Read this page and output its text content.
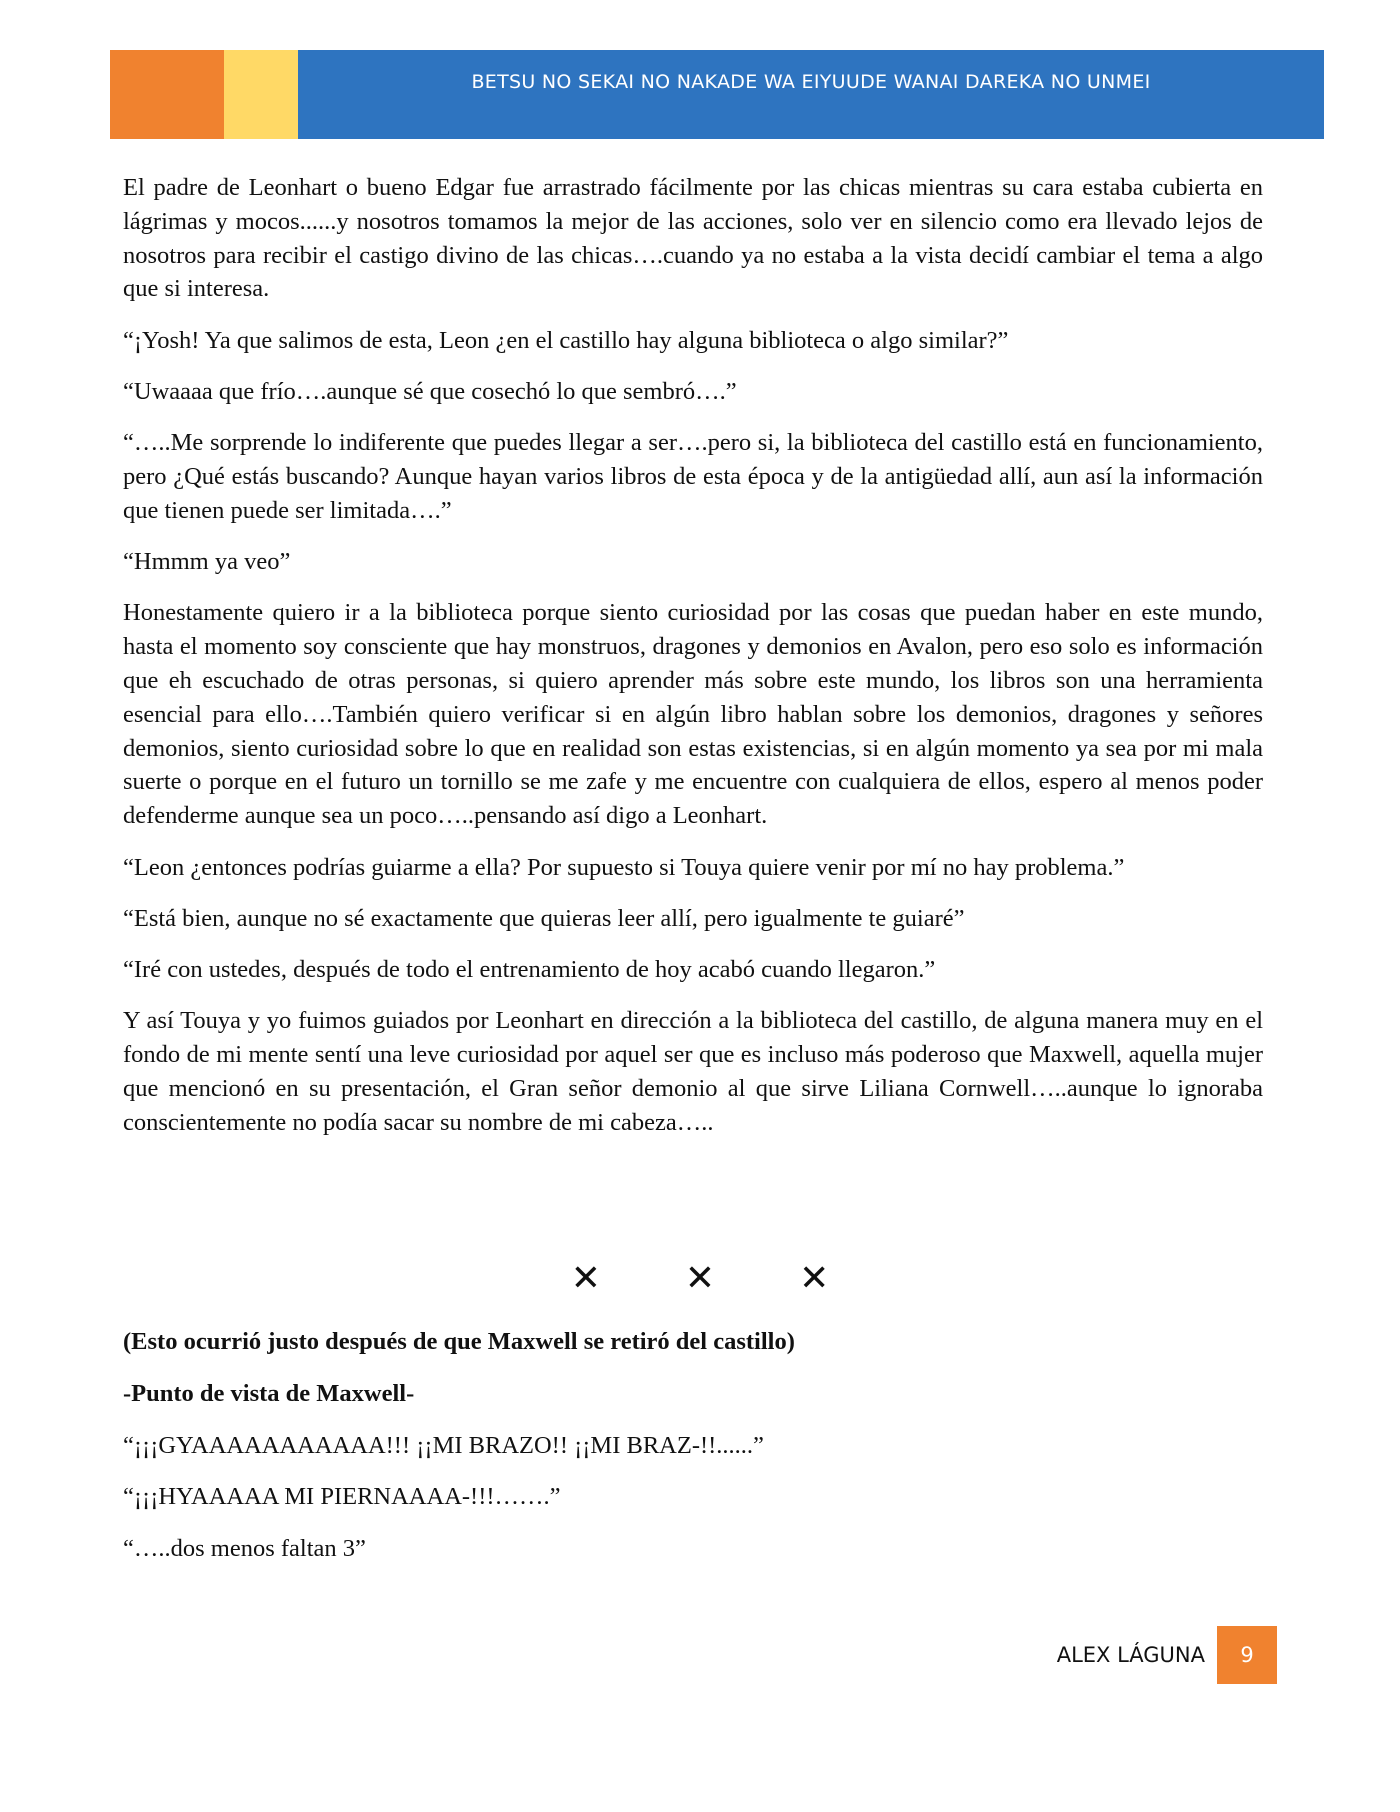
BETSU NO SEKAI NO NAKADE WA EIYUUDE WANAI DAREKA NO UNMEI

El padre de Leonhart o bueno Edgar fue arrastrado fácilmente por las chicas mientras su cara estaba cubierta en lágrimas y mocos......y nosotros tomamos la mejor de las acciones, solo ver en silencio como era llevado lejos de nosotros para recibir el castigo divino de las chicas….cuando ya no estaba a la vista decidí cambiar el tema a algo que si interesa.

“¡Yosh! Ya que salimos de esta, Leon ¿en el castillo hay alguna biblioteca o algo similar?”

“Uwaaaa que frío….aunque sé que cosechó lo que sembró….”

“…..Me sorprende lo indiferente que puedes llegar a ser….pero si, la biblioteca del castillo está en funcionamiento, pero ¿Qué estás buscando? Aunque hayan varios libros de esta época y de la antigüedad allí, aun así la información que tienen puede ser limitada….”

“Hmmm ya veo”

Honestamente quiero ir a la biblioteca porque siento curiosidad por las cosas que puedan haber en este mundo, hasta el momento soy consciente que hay monstruos, dragones y demonios en Avalon, pero eso solo es información que eh escuchado de otras personas, si quiero aprender más sobre este mundo, los libros son una herramienta esencial para ello….También quiero verificar si en algún libro hablan sobre los demonios, dragones y señores demonios, siento curiosidad sobre lo que en realidad son estas existencias, si en algún momento ya sea por mi mala suerte o porque en el futuro un tornillo se me zafe y me encuentre con cualquiera de ellos, espero al menos poder defenderme aunque sea un poco…..pensando así digo a Leonhart.

“Leon ¿entonces podrías guiarme a ella? Por supuesto si Touya quiere venir por mí no hay problema.”

“Está bien, aunque no sé exactamente que quieras leer allí, pero igualmente te guiaré”

“Iré con ustedes, después de todo el entrenamiento de hoy acabó cuando llegaron.”

Y así Touya y yo fuimos guiados por Leonhart en dirección a la biblioteca del castillo, de alguna manera muy en el fondo de mi mente sentí una leve curiosidad por aquel ser que es incluso más poderoso que Maxwell, aquella mujer que mencionó en su presentación, el Gran señor demonio al que sirve Liliana Cornwell…..aunque lo ignoraba conscientemente no podía sacar su nombre de mi cabeza…..

✕ ✕ ✕

(Esto ocurrió justo después de que Maxwell se retiró del castillo)

-Punto de vista de Maxwell-

“¡¡¡GYAAAAAAAAAAA!!! ¡¡MI BRAZO!! ¡¡MI BRAZ-!!......”

“¡¡¡HYAAAAA MI PIERNAAAA-!!!…….”

“…..dos menos faltan 3”

ALEX LÁGUNA 9
